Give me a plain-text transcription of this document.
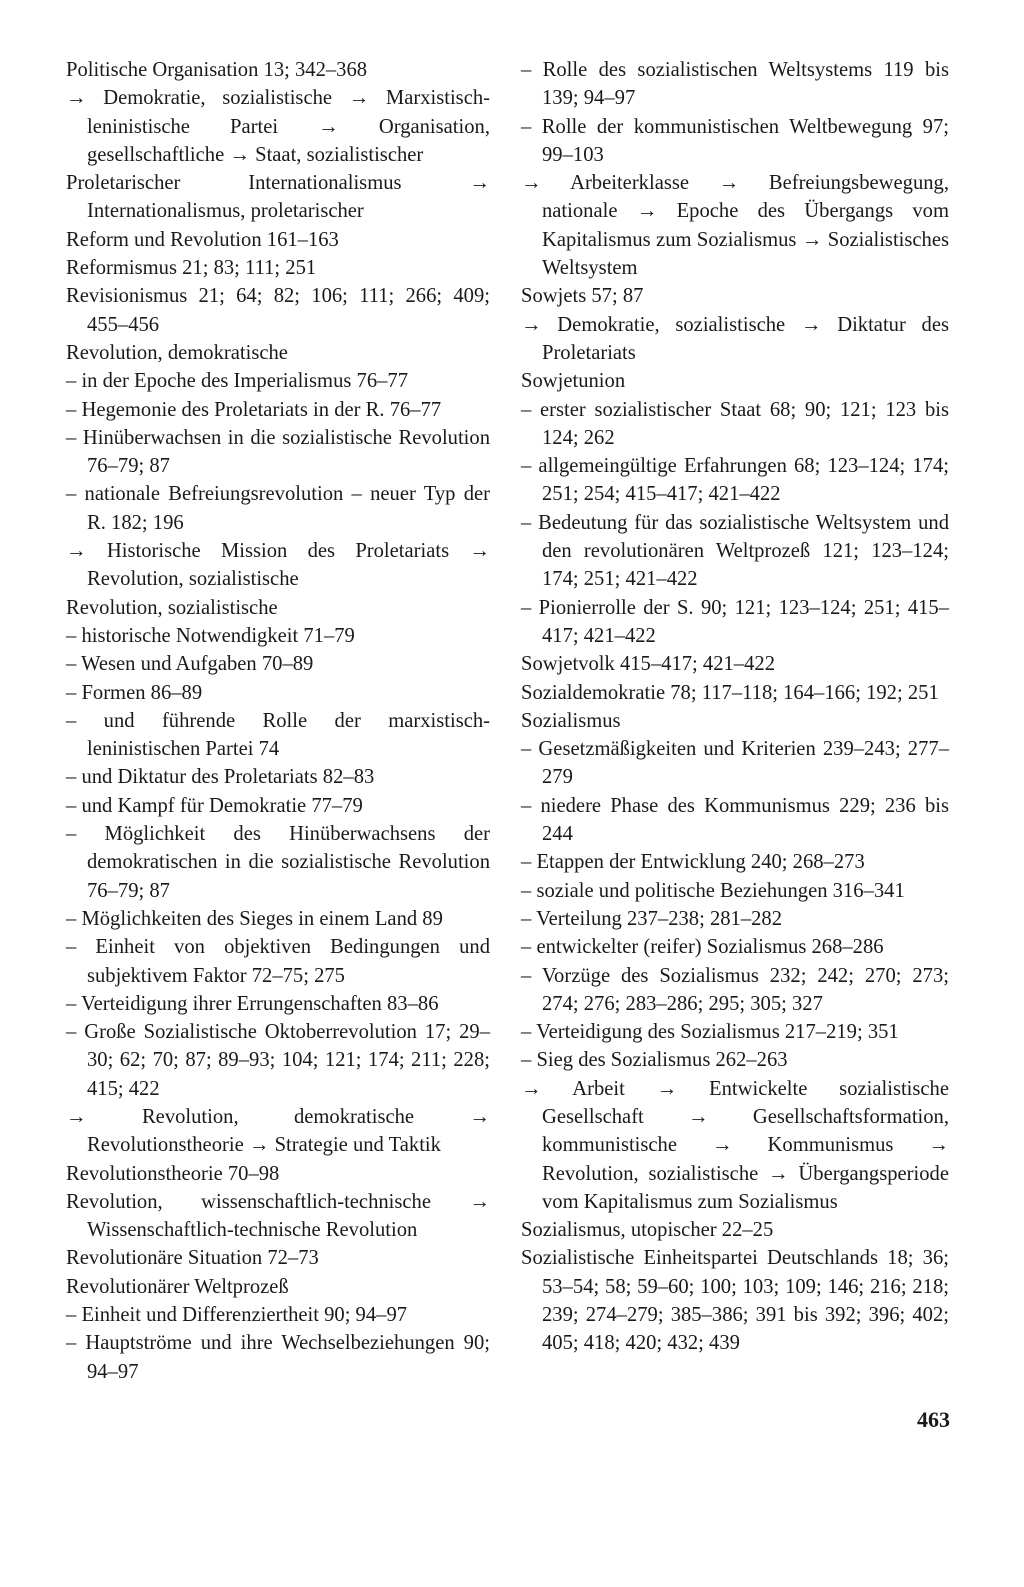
Politische Organisation 13; 342–368

→ Demokratie, sozialistische → Marxistisch-leninistische Partei → Organisation, gesellschaftliche → Staat, sozialistischer

Proletarischer Internationalismus → Internationalismus, proletarischer

Reform und Revolution 161–163

Reformismus 21; 83; 111; 251

Revisionismus 21; 64; 82; 106; 111; 266; 409; 455–456

Revolution, demokratische

– in der Epoche des Imperialismus 76–77

– Hegemonie des Proletariats in der R. 76–77

– Hinüberwachsen in die sozialistische Revolution 76–79; 87

– nationale Befreiungsrevolution – neuer Typ der R. 182; 196

→ Historische Mission des Proletariats → Revolution, sozialistische

Revolution, sozialistische

– historische Notwendigkeit 71–79

– Wesen und Aufgaben 70–89

– Formen 86–89

– und führende Rolle der marxistisch-leninistischen Partei 74

– und Diktatur des Proletariats 82–83

– und Kampf für Demokratie 77–79

– Möglichkeit des Hinüberwachsens der demokratischen in die sozialistische Revolution 76–79; 87

– Möglichkeiten des Sieges in einem Land 89

– Einheit von objektiven Bedingungen und subjektivem Faktor 72–75; 275

– Verteidigung ihrer Errungenschaften 83–86

– Große Sozialistische Oktoberrevolution 17; 29–30; 62; 70; 87; 89–93; 104; 121; 174; 211; 228; 415; 422

→ Revolution, demokratische → Revolutionstheorie → Strategie und Taktik

Revolutionstheorie 70–98

Revolution, wissenschaftlich-technische → Wissenschaftlich-technische Revolution

Revolutionäre Situation 72–73

Revolutionärer Weltprozeß

– Einheit und Differenziertheit 90; 94–97

– Hauptströme und ihre Wechselbeziehungen 90; 94–97

– Rolle des sozialistischen Weltsystems 119 bis 139; 94–97

– Rolle der kommunistischen Weltbewegung 97; 99–103

→ Arbeiterklasse → Befreiungsbewegung, nationale → Epoche des Übergangs vom Kapitalismus zum Sozialismus → Sozialistisches Weltsystem

Sowjets 57; 87

→ Demokratie, sozialistische → Diktatur des Proletariats

Sowjetunion

– erster sozialistischer Staat 68; 90; 121; 123 bis 124; 262

– allgemeingültige Erfahrungen 68; 123–124; 174; 251; 254; 415–417; 421–422

– Bedeutung für das sozialistische Weltsystem und den revolutionären Weltprozeß 121; 123–124; 174; 251; 421–422

– Pionierrolle der S. 90; 121; 123–124; 251; 415–417; 421–422

Sowjetvolk 415–417; 421–422

Sozialdemokratie 78; 117–118; 164–166; 192; 251

Sozialismus

– Gesetzmäßigkeiten und Kriterien 239–243; 277–279

– niedere Phase des Kommunismus 229; 236 bis 244

– Etappen der Entwicklung 240; 268–273

– soziale und politische Beziehungen 316–341

– Verteilung 237–238; 281–282

– entwickelter (reifer) Sozialismus 268–286

– Vorzüge des Sozialismus 232; 242; 270; 273; 274; 276; 283–286; 295; 305; 327

– Verteidigung des Sozialismus 217–219; 351

– Sieg des Sozialismus 262–263

→ Arbeit → Entwickelte sozialistische Gesellschaft → Gesellschaftsformation, kommunistische → Kommunismus → Revolution, sozialistische → Übergangsperiode vom Kapitalismus zum Sozialismus

Sozialismus, utopischer 22–25

Sozialistische Einheitspartei Deutschlands 18; 36; 53–54; 58; 59–60; 100; 103; 109; 146; 216; 218; 239; 274–279; 385–386; 391 bis 392; 396; 402; 405; 418; 420; 432; 439

463
